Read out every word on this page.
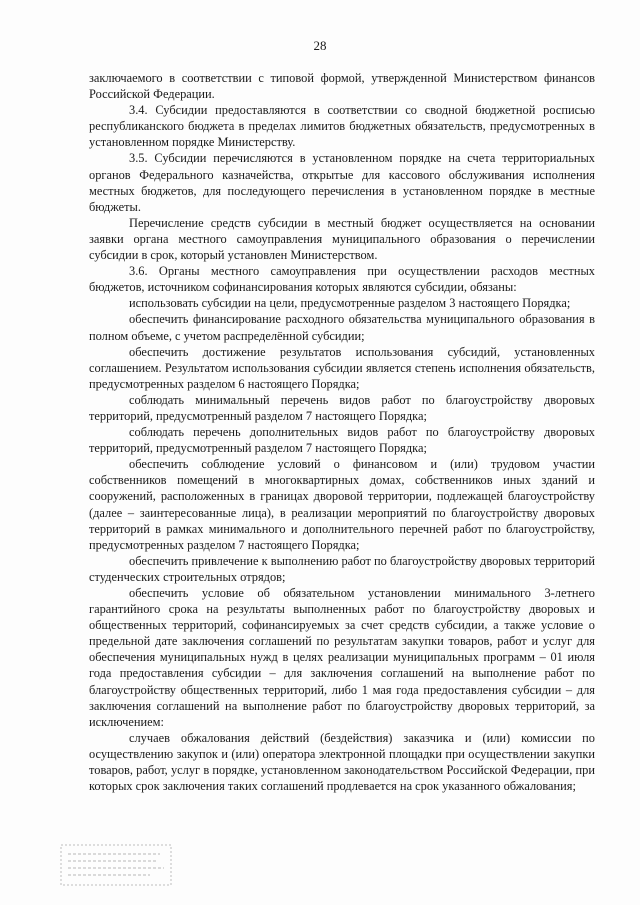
28

заключаемого в соответствии с типовой формой, утвержденной Министерством финансов Российской Федерации.

3.4. Субсидии предоставляются в соответствии со сводной бюджетной росписью республиканского бюджета в пределах лимитов бюджетных обязательств, предусмотренных в установленном порядке Министерству.

3.5. Субсидии перечисляются в установленном порядке на счета территориальных органов Федерального казначейства, открытые для кассового обслуживания исполнения местных бюджетов, для последующего перечисления в установленном порядке в местные бюджеты.

Перечисление средств субсидии в местный бюджет осуществляется на основании заявки органа местного самоуправления муниципального образования о перечислении субсидии в срок, который установлен Министерством.

3.6. Органы местного самоуправления при осуществлении расходов местных бюджетов, источником софинансирования которых являются субсидии, обязаны:

использовать субсидии на цели, предусмотренные разделом 3 настоящего Порядка;

обеспечить финансирование расходного обязательства муниципального образования в полном объеме, с учетом распределённой субсидии;

обеспечить достижение результатов использования субсидий, установленных соглашением. Результатом использования субсидии является степень исполнения обязательств, предусмотренных разделом 6 настоящего Порядка;

соблюдать минимальный перечень видов работ по благоустройству дворовых территорий, предусмотренный разделом 7 настоящего Порядка;

соблюдать перечень дополнительных видов работ по благоустройству дворовых территорий, предусмотренный разделом 7 настоящего Порядка;

обеспечить соблюдение условий о финансовом и (или) трудовом участии собственников помещений в многоквартирных домах, собственников иных зданий и сооружений, расположенных в границах дворовой территории, подлежащей благоустройству (далее – заинтересованные лица), в реализации мероприятий по благоустройству дворовых территорий в рамках минимального и дополнительного перечней работ по благоустройству, предусмотренных разделом 7 настоящего Порядка;

обеспечить привлечение к выполнению работ по благоустройству дворовых территорий студенческих строительных отрядов;

обеспечить условие об обязательном установлении минимального 3-летнего гарантийного срока на результаты выполненных работ по благоустройству дворовых и общественных территорий, софинансируемых за счет средств субсидии, а также условие о предельной дате заключения соглашений по результатам закупки товаров, работ и услуг для обеспечения муниципальных нужд в целях реализации муниципальных программ – 01 июля года предоставления субсидии – для заключения соглашений на выполнение работ по благоустройству общественных территорий, либо 1 мая года предоставления субсидии – для заключения соглашений на выполнение работ по благоустройству дворовых территорий, за исключением:

случаев обжалования действий (бездействия) заказчика и (или) комиссии по осуществлению закупок и (или) оператора электронной площадки при осуществлении закупки товаров, работ, услуг в порядке, установленном законодательством Российской Федерации, при которых срок заключения таких соглашений продлевается на срок указанного обжалования;
